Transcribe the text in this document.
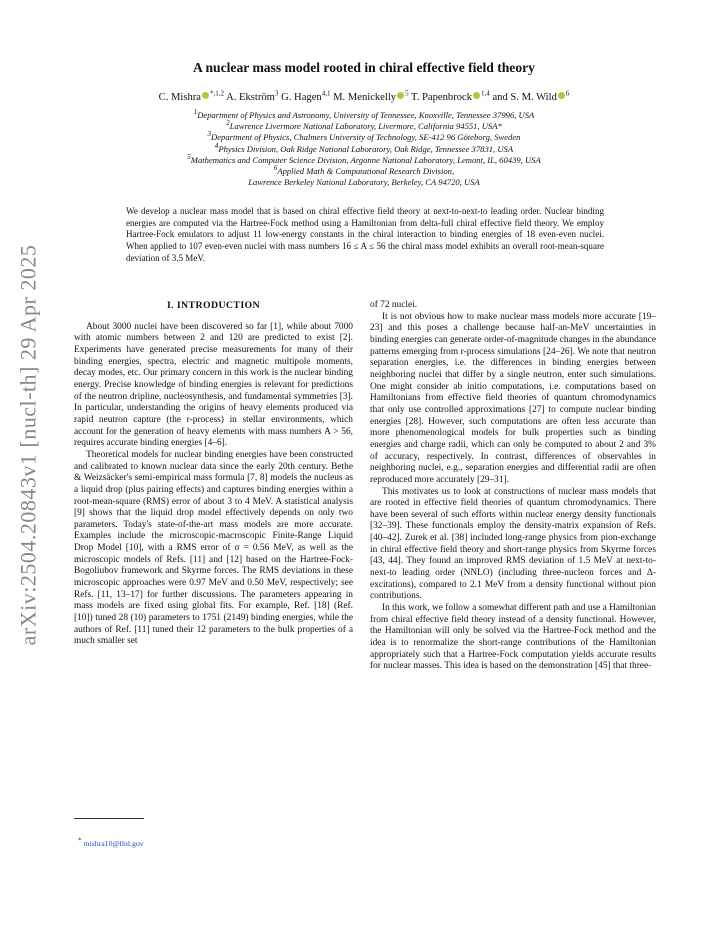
arXiv:2504.20843v1 [nucl-th] 29 Apr 2025
A nuclear mass model rooted in chiral effective field theory
C. Mishra $^{*,1,2}$ A. Ekström$^3$ G. Hagen$^{4,1}$ M. Menickelly $^5$ T. Papenbrock $^{1,4}$ and S. M. Wild $^6$
$^1$Department of Physics and Astronomy, University of Tennessee, Knoxville, Tennessee 37996, USA
$^2$Lawrence Livermore National Laboratory, Livermore, California 94551, USA*
$^3$Department of Physics, Chalmers University of Technology, SE-412 96 Göteborg, Sweden
$^4$Physics Division, Oak Ridge National Laboratory, Oak Ridge, Tennessee 37831, USA
$^5$Mathematics and Computer Science Division, Argonne National Laboratory, Lemont, IL, 60439, USA
$^6$Applied Math & Computational Research Division,
Lawrence Berkeley National Laboratory, Berkeley, CA 94720, USA
We develop a nuclear mass model that is based on chiral effective field theory at next-to-next-to leading order. Nuclear binding energies are computed via the Hartree-Fock method using a Hamiltonian from delta-full chiral effective field theory. We employ Hartree-Fock emulators to adjust 11 low-energy constants in the chiral interaction to binding energies of 18 even-even nuclei. When applied to 107 even-even nuclei with mass numbers 16 ≤ A ≤ 56 the chiral mass model exhibits an overall root-mean-square deviation of 3.5 MeV.
I. INTRODUCTION

About 3000 nuclei have been discovered so far [1], while about 7000 with atomic numbers between 2 and 120 are predicted to exist [2]. Experiments have generated precise measurements for many of their binding energies, spectra, electric and magnetic multipole moments, decay modes, etc. Our primary concern in this work is the nuclear binding energy. Precise knowledge of binding energies is relevant for predictions of the neutron dripline, nucleosynthesis, and fundamental symmetries [3]. In particular, understanding the origins of heavy elements produced via rapid neutron capture (the r-process) in stellar environments, which account for the generation of heavy elements with mass numbers A > 56, requires accurate binding energies [4–6].

Theoretical models for nuclear binding energies have been constructed and calibrated to known nuclear data since the early 20th century. Bethe & Weizsäcker's semi-empirical mass formula [7, 8] models the nucleus as a liquid drop (plus pairing effects) and captures binding energies within a root-mean-square (RMS) error of about 3 to 4 MeV. A statistical analysis [9] shows that the liquid drop model effectively depends on only two parameters. Today's state-of-the-art mass models are more accurate. Examples include the microscopic-macroscopic Finite-Range Liquid Drop Model [10], with a RMS error of σ = 0.56 MeV, as well as the microscopic models of Refs. [11] and [12] based on the Hartree-Fock-Bogoliubov framework and Skyrme forces. The RMS deviations in these microscopic approaches were 0.97 MeV and 0.50 MeV, respectively; see Refs. [11, 13–17] for further discussions. The parameters appearing in mass models are fixed using global fits. For example, Ref. [18] (Ref. [10]) tuned 28 (10) parameters to 1751 (2149) binding energies, while the authors of Ref. [11] tuned their 12 parameters to the bulk properties of a much smaller set

of 72 nuclei.

It is not obvious how to make nuclear mass models more accurate [19–23] and this poses a challenge because half-an-MeV uncertainties in binding energies can generate order-of-magnitude changes in the abundance patterns emerging from r-process simulations [24–26]. We note that neutron separation energies, i.e. the differences in binding energies between neighboring nuclei that differ by a single neutron, enter such simulations. One might consider ab initio computations, i.e. computations based on Hamiltonians from effective field theories of quantum chromodynamics that only use controlled approximations [27] to compute nuclear binding energies [28]. However, such computations are often less accurate than more phenomenological models for bulk properties such as binding energies and charge radii, which can only be computed to about 2 and 3% of accuracy, respectively. In contrast, differences of observables in neighboring nuclei, e.g., separation energies and differential radii are often reproduced more accurately [29–31].

This motivates us to look at constructions of nuclear mass models that are rooted in effective field theories of quantum chromodynamics. There have been several of such efforts within nuclear energy density functionals [32–39]. These functionals employ the density-matrix expansion of Refs. [40–42]. Zurek et al. [38] included long-range physics from pion-exchange in chiral effective field theory and short-range physics from Skyrme forces [43, 44]. They found an improved RMS deviation of 1.5 MeV at next-to-next-to leading order (NNLO) (including three-nucleon forces and Δ-excitations), compared to 2.1 MeV from a density functional without pion contributions.

In this work, we follow a somewhat different path and use a Hamiltonian from chiral effective field theory instead of a density functional. However, the Hamiltonian will only be solved via the Hartree-Fock method and the idea is to renormalize the short-range contributions of the Hamiltonian appropriately such that a Hartree-Fock computation yields accurate results for nuclear masses. This idea is based on the demonstration [45] that three-

* mishra10@llnl.gov
